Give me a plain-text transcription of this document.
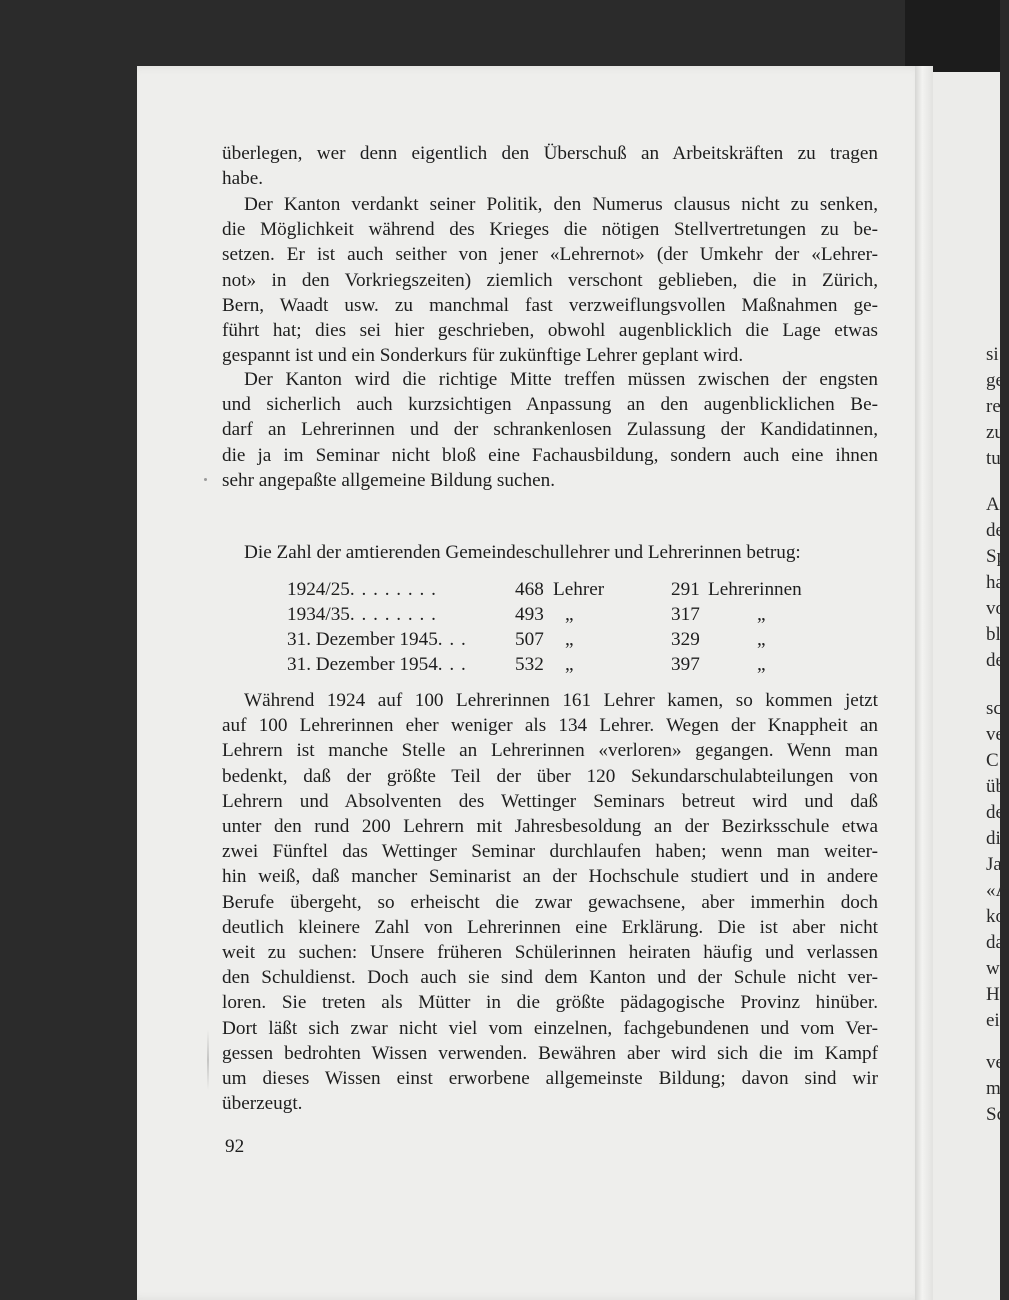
si
ge
re
zu
tu
A
de
Sp
ha
vo
bl
de
sc
ve
C
üb
de
di
Ja
«A
ko
da
w
H
ei
ve
m
Sc
überlegen, wer denn eigentlich den Überschuß an Arbeitskräften zu tragen
habe.
Der Kanton verdankt seiner Politik, den Numerus clausus nicht zu senken,
die Möglichkeit während des Krieges die nötigen Stellvertretungen zu be-
setzen. Er ist auch seither von jener «Lehrernot» (der Umkehr der «Lehrer-
not» in den Vorkriegszeiten) ziemlich verschont geblieben, die in Zürich,
Bern, Waadt usw. zu manchmal fast verzweiflungsvollen Maßnahmen ge-
führt hat; dies sei hier geschrieben, obwohl augenblicklich die Lage etwas
gespannt ist und ein Sonderkurs für zukünftige Lehrer geplant wird.
Der Kanton wird die richtige Mitte treffen müssen zwischen der engsten
und sicherlich auch kurzsichtigen Anpassung an den augenblicklichen Be-
darf an Lehrerinnen und der schrankenlosen Zulassung der Kandidatinnen,
die ja im Seminar nicht bloß eine Fachausbildung, sondern auch eine ihnen
sehr angepaßte allgemeine Bildung suchen.
Die Zahl der amtierenden Gemeindeschullehrer und Lehrerinnen betrug:
1924/25. . . . . . . .	468 Lehrer	291 Lehrerinnen
1934/35. . . . . . . .	493 „	317	„
31. Dezember 1945. . .	507 „	329	„
31. Dezember 1954. . .	532 „	397	„
Während 1924 auf 100 Lehrerinnen 161 Lehrer kamen, so kommen jetzt
auf 100 Lehrerinnen eher weniger als 134 Lehrer. Wegen der Knappheit an
Lehrern ist manche Stelle an Lehrerinnen «verloren» gegangen. Wenn man
bedenkt, daß der größte Teil der über 120 Sekundarschulabteilungen von
Lehrern und Absolventen des Wettinger Seminars betreut wird und daß
unter den rund 200 Lehrern mit Jahresbesoldung an der Bezirksschule etwa
zwei Fünftel das Wettinger Seminar durchlaufen haben; wenn man weiter-
hin weiß, daß mancher Seminarist an der Hochschule studiert und in andere
Berufe übergeht, so erheischt die zwar gewachsene, aber immerhin doch
deutlich kleinere Zahl von Lehrerinnen eine Erklärung. Die ist aber nicht
weit zu suchen: Unsere früheren Schülerinnen heiraten häufig und verlassen
den Schuldienst. Doch auch sie sind dem Kanton und der Schule nicht ver-
loren. Sie treten als Mütter in die größte pädagogische Provinz hinüber.
Dort läßt sich zwar nicht viel vom einzelnen, fachgebundenen und vom Ver-
gessen bedrohten Wissen verwenden. Bewähren aber wird sich die im Kampf
um dieses Wissen einst erworbene allgemeinste Bildung; davon sind wir
überzeugt.
92
